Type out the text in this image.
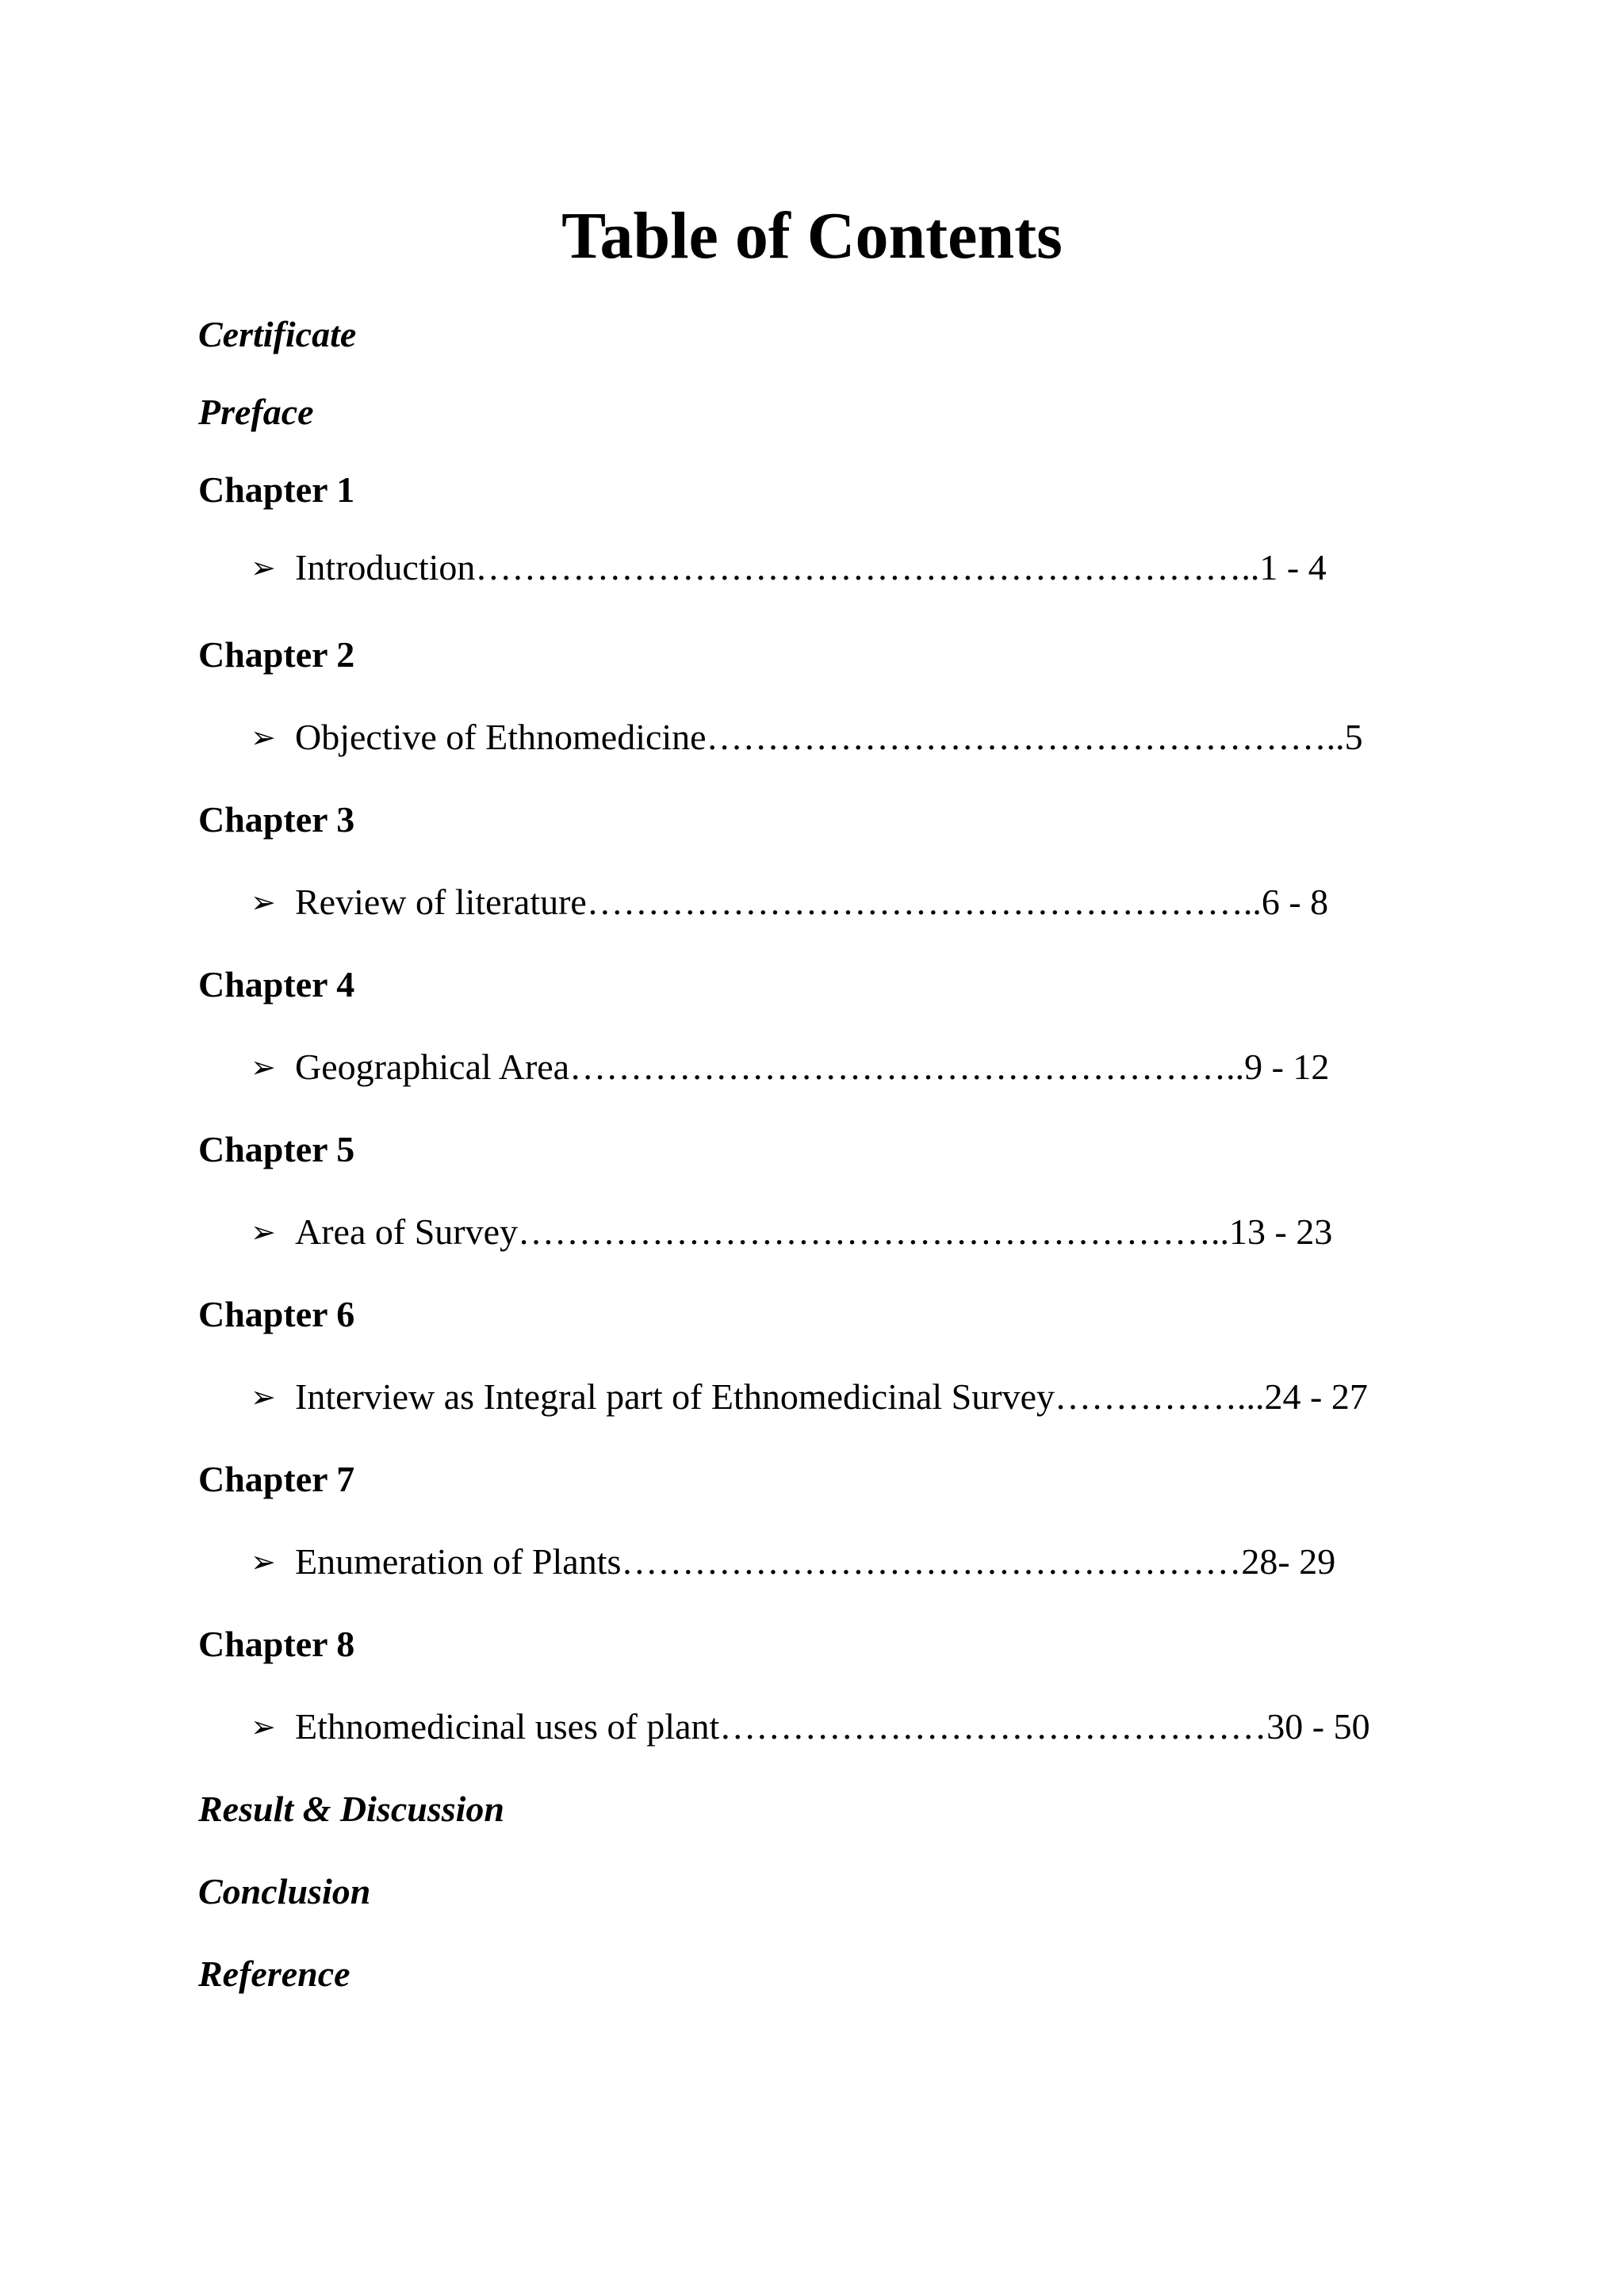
Table of Contents
Certificate
Preface
Chapter 1
➢ Introduction………………………………………………………..1 - 4
Chapter 2
➢ Objective of Ethnomedicine……………………………………………..5
Chapter 3
➢ Review of literature………………………………………………..6 - 8
Chapter 4
➢ Geographical Area………………………………………………..9 - 12
Chapter 5
➢ Area of Survey…………………………………………………..13 - 23
Chapter 6
➢ Interview as Integral part of Ethnomedicinal Survey……………...24 - 27
Chapter 7
➢ Enumeration of Plants……………………………………………28- 29
Chapter 8
➢ Ethnomedicinal uses of plant………………………………………30 - 50
Result & Discussion
Conclusion
Reference
